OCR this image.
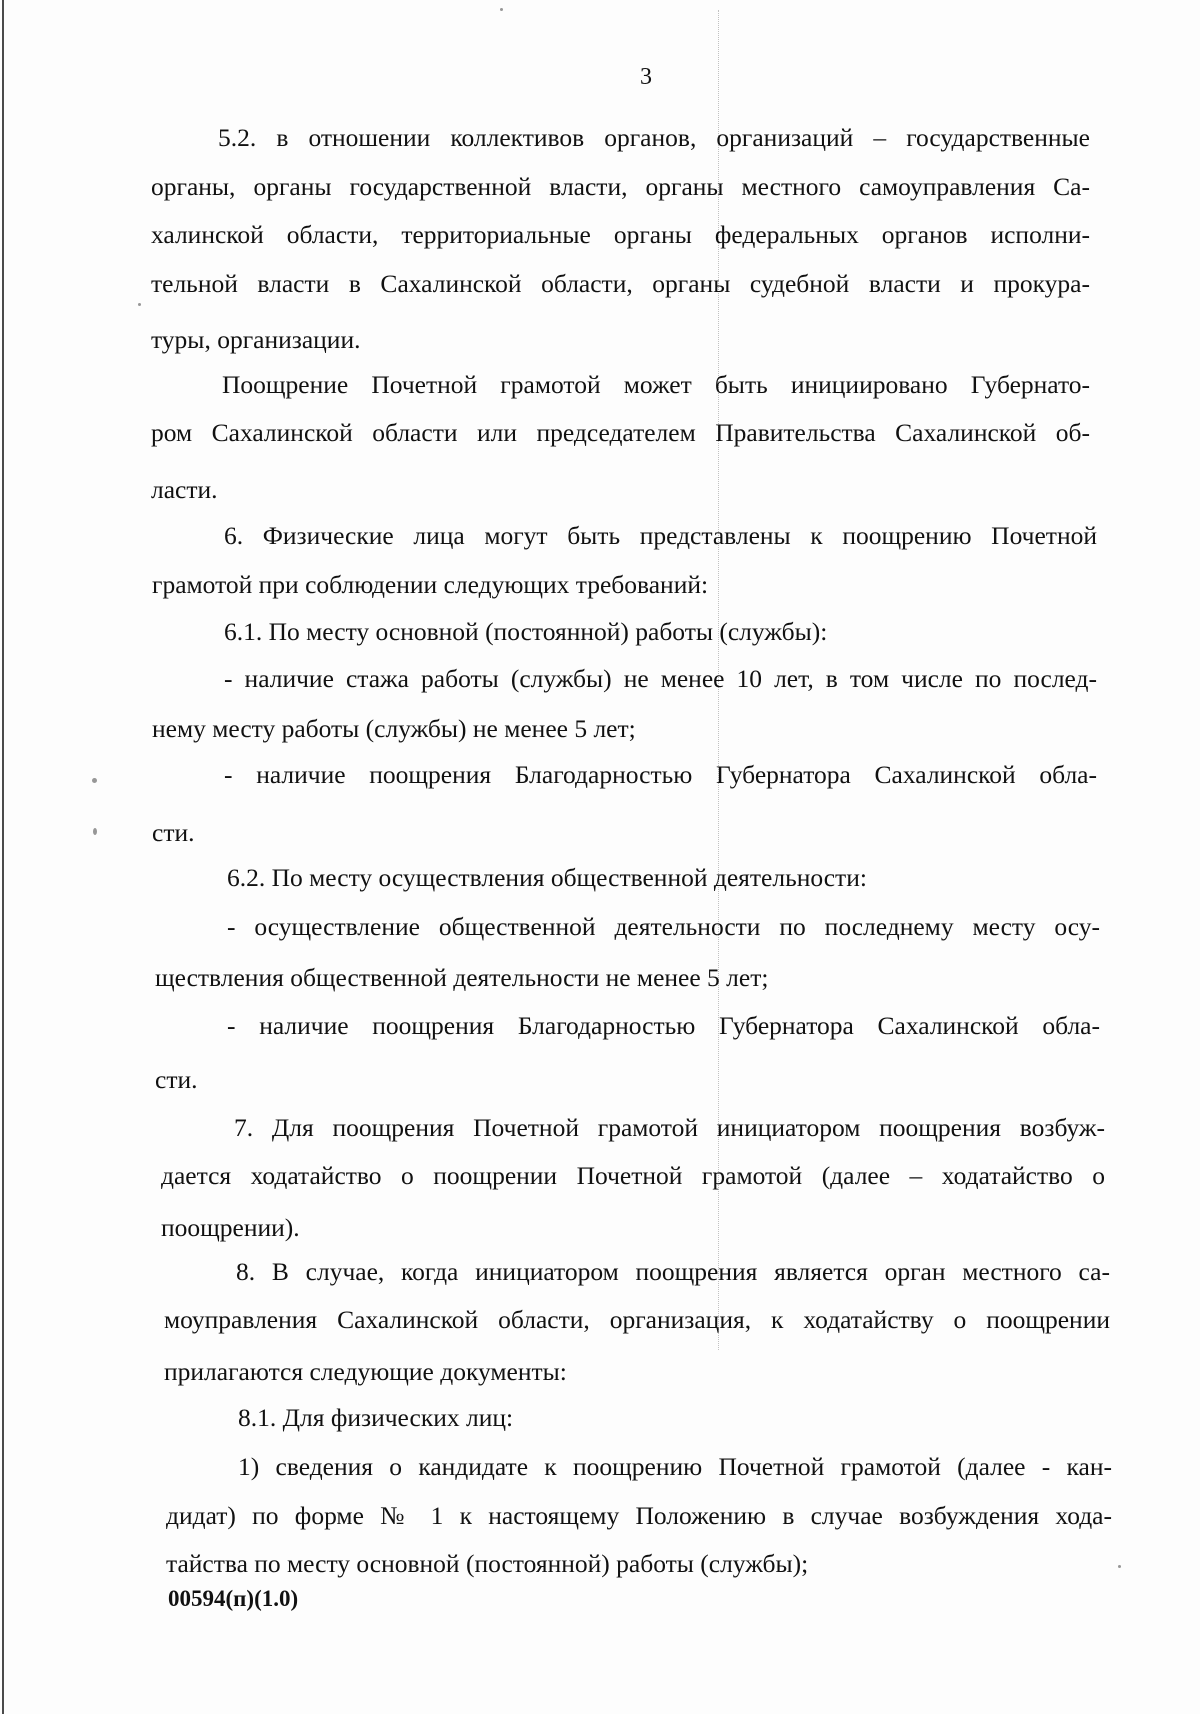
3
5.2. в отношении коллективов органов, организаций – государственные
органы, органы государственной власти, органы местного самоуправления Са-
халинской области, территориальные органы федеральных органов исполни-
тельной власти в Сахалинской области, органы судебной власти и прокура-
туры, организации.
Поощрение Почетной грамотой может быть инициировано Губернато-
ром Сахалинской области или председателем Правительства Сахалинской об-
ласти.
6. Физические лица могут быть представлены к поощрению Почетной
грамотой при соблюдении следующих требований:
6.1. По месту основной (постоянной) работы (службы):
- наличие стажа работы (службы) не менее 10 лет, в том числе по послед-
нему месту работы (службы) не менее 5 лет;
- наличие поощрения Благодарностью Губернатора Сахалинской обла-
сти.
6.2. По месту осуществления общественной деятельности:
- осуществление общественной деятельности по последнему месту осу-
ществления общественной деятельности не менее 5 лет;
- наличие поощрения Благодарностью Губернатора Сахалинской обла-
сти.
7. Для поощрения Почетной грамотой инициатором поощрения возбуж-
дается ходатайство о поощрении Почетной грамотой (далее – ходатайство о
поощрении).
8. В случае, когда инициатором поощрения является орган местного са-
моуправления Сахалинской области, организация, к ходатайству о поощрении
прилагаются следующие документы:
8.1. Для физических лиц:
1) сведения о кандидате к поощрению Почетной грамотой (далее - кан-
дидат) по форме № 1 к настоящему Положению в случае возбуждения хода-
тайства по месту основной (постоянной) работы (службы);
00594(п)(1.0)
